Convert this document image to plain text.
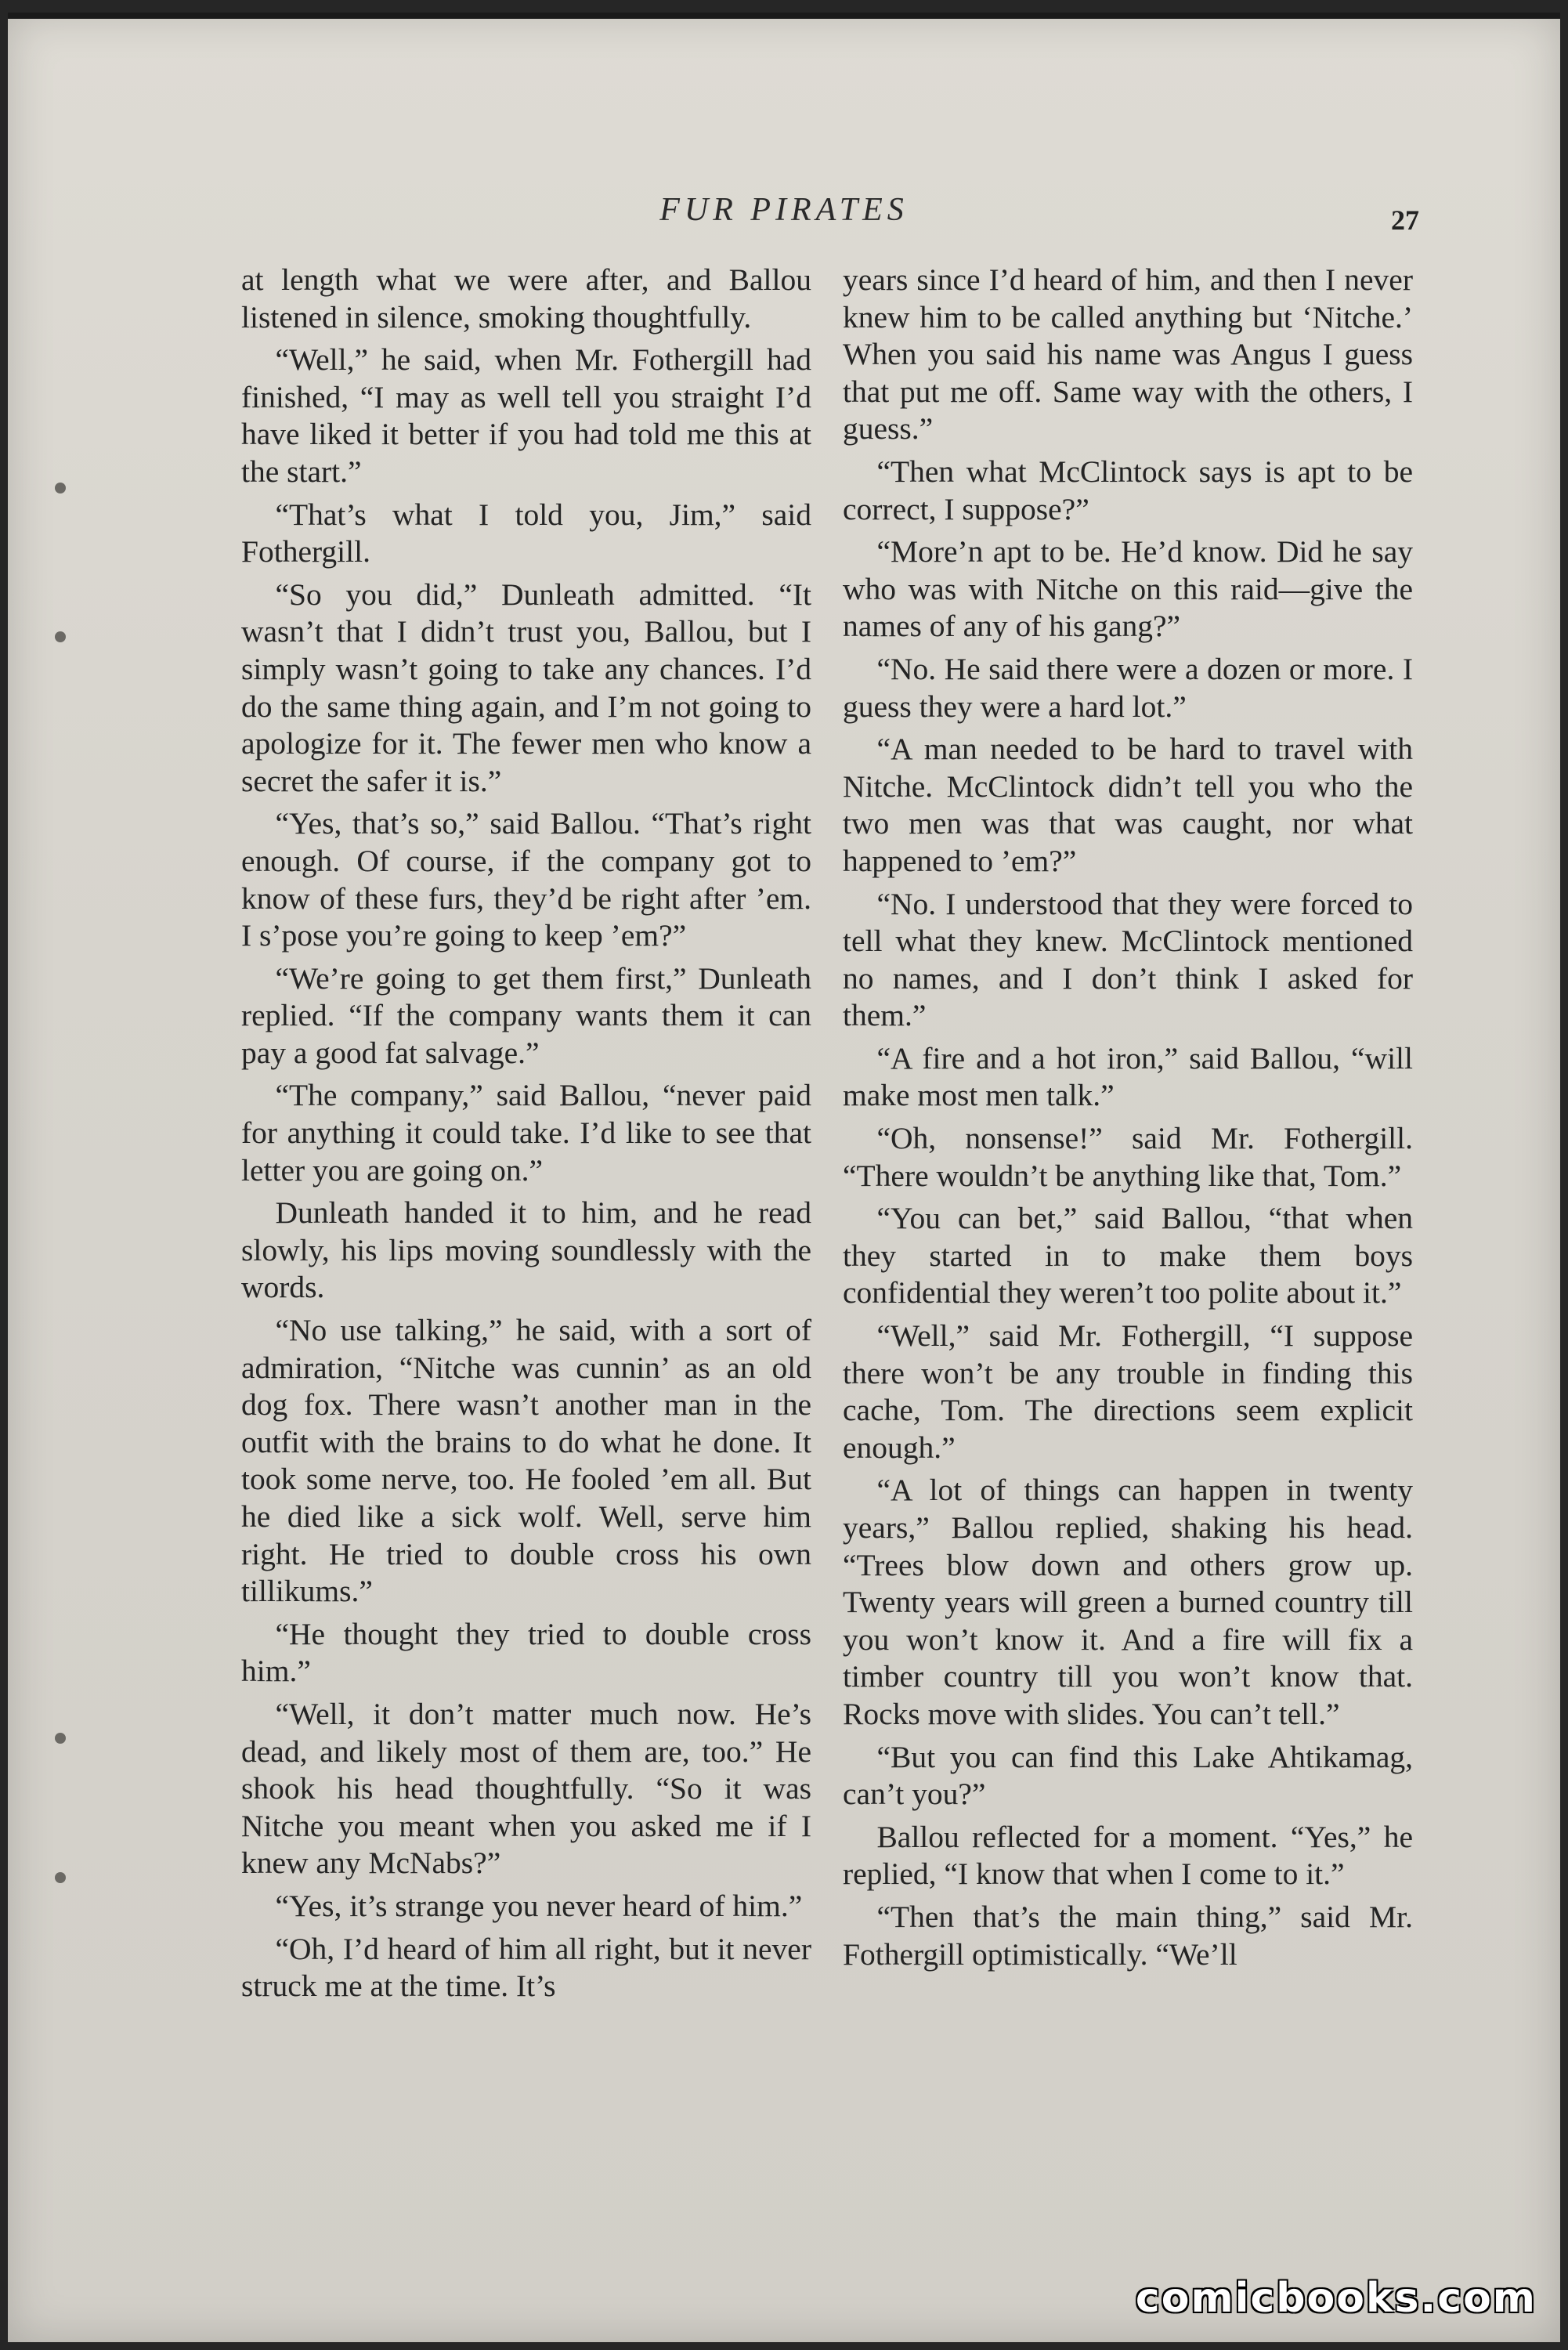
FUR PIRATES	27

at length what we were after, and Ballou listened in silence, smoking thoughtfully.

“Well,” he said, when Mr. Fothergill had finished, “I may as well tell you straight I’d have liked it better if you had told me this at the start.”

“That’s what I told you, Jim,” said Fothergill.

“So you did,” Dunleath admitted. “It wasn’t that I didn’t trust you, Ballou, but I simply wasn’t going to take any chances. I’d do the same thing again, and I’m not going to apologize for it. The fewer men who know a secret the safer it is.”

“Yes, that’s so,” said Ballou. “That’s right enough. Of course, if the company got to know of these furs, they’d be right after ’em. I s’pose you’re going to keep ’em?”

“We’re going to get them first,” Dunleath replied. “If the company wants them it can pay a good fat salvage.”

“The company,” said Ballou, “never paid for anything it could take. I’d like to see that letter you are going on.”

Dunleath handed it to him, and he read slowly, his lips moving soundlessly with the words.

“No use talking,” he said, with a sort of admiration, “Nitche was cunnin’ as an old dog fox. There wasn’t another man in the outfit with the brains to do what he done. It took some nerve, too. He fooled ’em all. But he died like a sick wolf. Well, serve him right. He tried to double cross his own tillikums.”

“He thought they tried to double cross him.”

“Well, it don’t matter much now. He’s dead, and likely most of them are, too.” He shook his head thoughtfully. “So it was Nitche you meant when you asked me if I knew any McNabs?”

“Yes, it’s strange you never heard of him.”

“Oh, I’d heard of him all right, but it never struck me at the time. It’s

years since I’d heard of him, and then I never knew him to be called anything but ‘Nitche.’ When you said his name was Angus I guess that put me off. Same way with the others, I guess.”

“Then what McClintock says is apt to be correct, I suppose?”

“More’n apt to be. He’d know. Did he say who was with Nitche on this raid—give the names of any of his gang?”

“No. He said there were a dozen or more. I guess they were a hard lot.”

“A man needed to be hard to travel with Nitche. McClintock didn’t tell you who the two men was that was caught, nor what happened to ’em?”

“No. I understood that they were forced to tell what they knew. McClintock mentioned no names, and I don’t think I asked for them.”

“A fire and a hot iron,” said Ballou, “will make most men talk.”

“Oh, nonsense!” said Mr. Fothergill. “There wouldn’t be anything like that, Tom.”

“You can bet,” said Ballou, “that when they started in to make them boys confidential they weren’t too polite about it.”

“Well,” said Mr. Fothergill, “I suppose there won’t be any trouble in finding this cache, Tom. The directions seem explicit enough.”

“A lot of things can happen in twenty years,” Ballou replied, shaking his head. “Trees blow down and others grow up. Twenty years will green a burned country till you won’t know it. And a fire will fix a timber country till you won’t know that. Rocks move with slides. You can’t tell.”

“But you can find this Lake Ahtikamag, can’t you?”

Ballou reflected for a moment. “Yes,” he replied, “I know that when I come to it.”

“Then that’s the main thing,” said Mr. Fothergill optimistically. “We’ll

comicbooks.com
